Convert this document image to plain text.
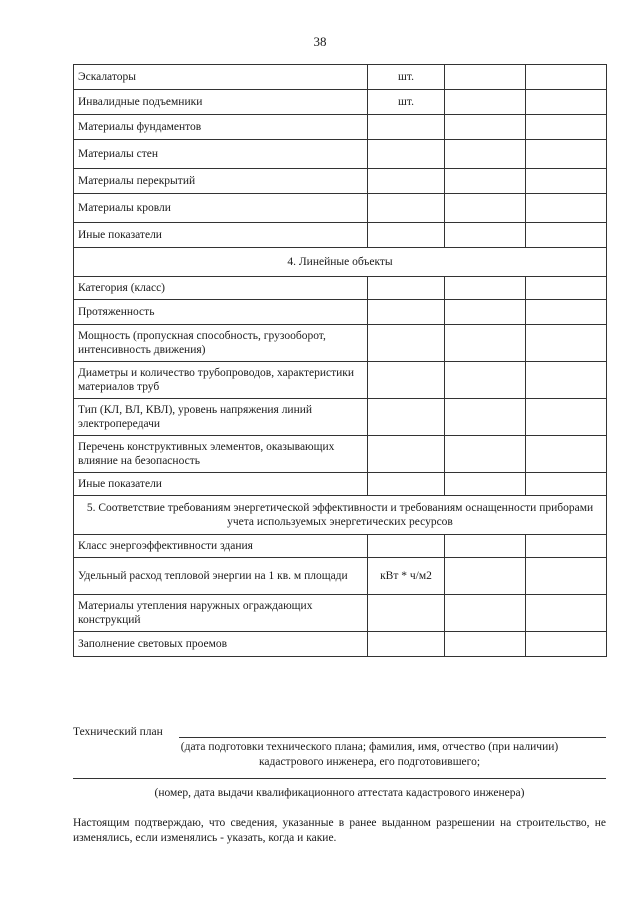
38
Эскалаторы	шт.		
Инвалидные подъемники	шт.		
Материалы фундаментов			
Материалы стен			
Материалы перекрытий			
Материалы кровли			
Иные показатели			
4. Линейные объекты			
Категория (класс)			
Протяженность			
Мощность (пропускная способность, грузооборот, интенсивность движения)			
Диаметры и количество трубопроводов, характеристики материалов труб			
Тип (КЛ, ВЛ, КВЛ), уровень напряжения линий электропередачи			
Перечень конструктивных элементов, оказывающих влияние на безопасность			
Иные показатели			
5. Соответствие требованиям энергетической эффективности и требованиям оснащенности приборами учета используемых энергетических ресурсов			
Класс энергоэффективности здания			
Удельный расход тепловой энергии на 1 кв. м площади	кВт * ч/м2		
Материалы утепления наружных ограждающих конструкций			
Заполнение световых проемов			
Технический план
(дата подготовки технического плана; фамилия, имя, отчество (при наличии)
кадастрового инженера, его подготовившего;
(номер, дата выдачи квалификационного аттестата кадастрового инженера)
Настоящим подтверждаю, что сведения, указанные в ранее выданном разрешении на строительство, не изменялись, если изменялись - указать, когда и какие.
